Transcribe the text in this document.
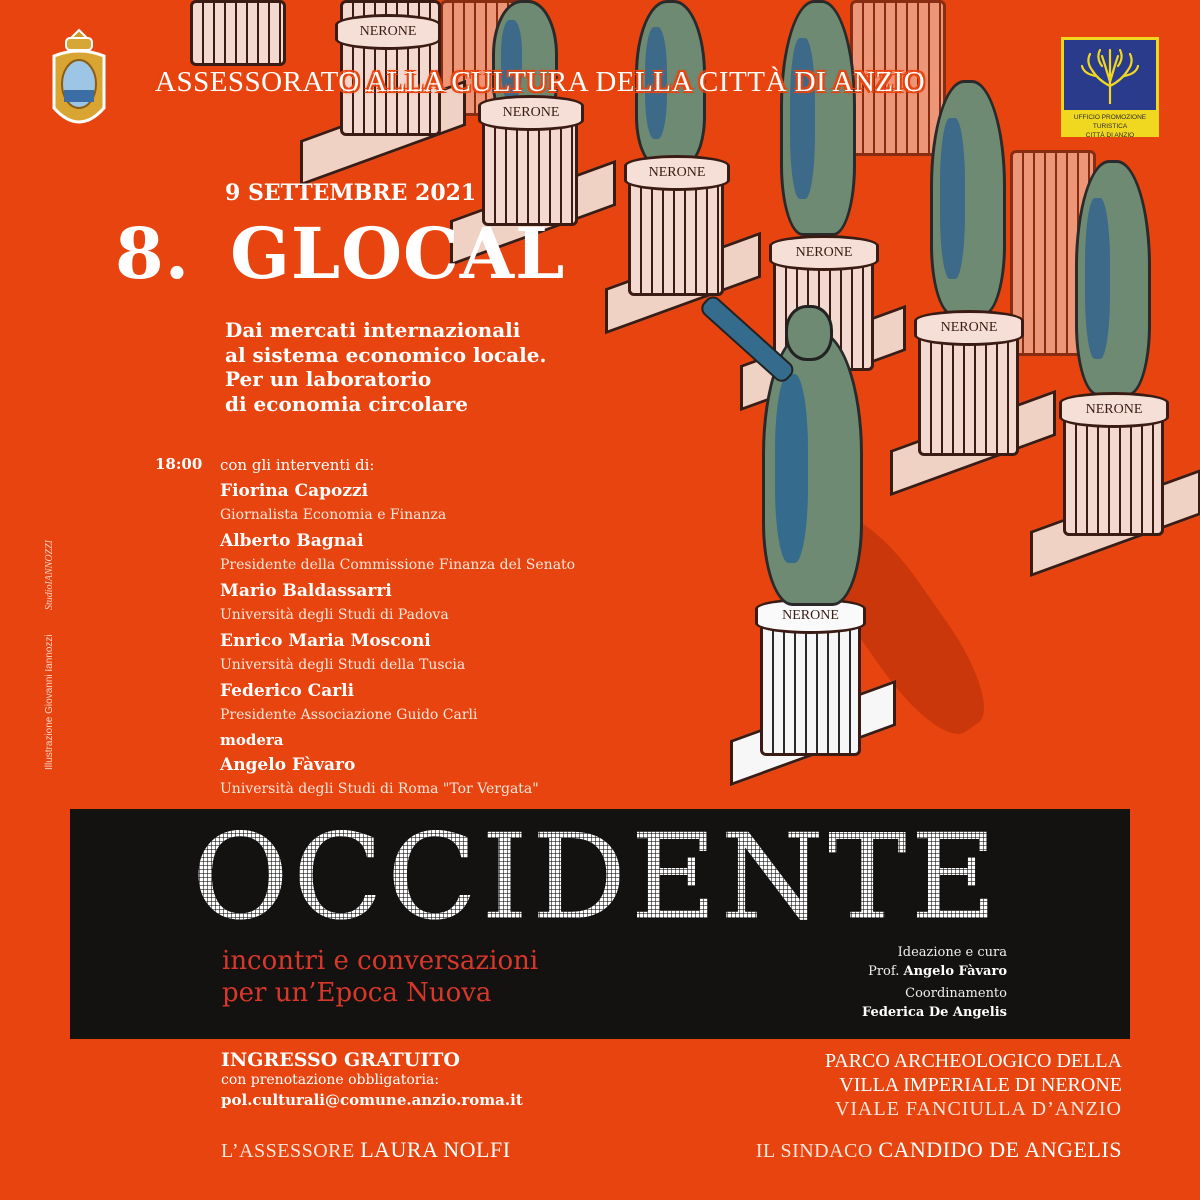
NERONE
NERONE
NERONE
NERONE
NERONE
NERONE
NERONE
ASSESSORATO ALLA CULTURA DELLA CITTÀ DI ANZIO
UFFICIO PROMOZIONE TURISTICA
CITTÀ DI ANZIO
9 SETTEMBRE 2021
8. GLOCAL
Dai mercati internazionali
al sistema economico locale.
Per un laboratorio
di economia circolare
18:00 con gli interventi di:
Fiorina Capozzi
Giornalista Economia e Finanza
Alberto Bagnai
Presidente della Commissione Finanza del Senato
Mario Baldassarri
Università degli Studi di Padova
Enrico Maria Mosconi
Università degli Studi della Tuscia
Federico Carli
Presidente Associazione Guido Carli
modera
Angelo Fàvaro
Università degli Studi di Roma "Tor Vergata"
Illustrazione Giovanni Iannozzi
StudioIANNOZZI
OCCIDENTE
incontri e conversazioni
per un’Epoca Nuova
Ideazione e cura
Prof. Angelo Fàvaro
Coordinamento
Federica De Angelis
INGRESSO GRATUITO
con prenotazione obbligatoria:
pol.culturali@comune.anzio.roma.it
PARCO ARCHEOLOGICO DELLA
VILLA IMPERIALE DI NERONE
VIALE FANCIULLA D’ANZIO
L’ASSESSORE LAURA NOLFI	IL SINDACO CANDIDO DE ANGELIS
